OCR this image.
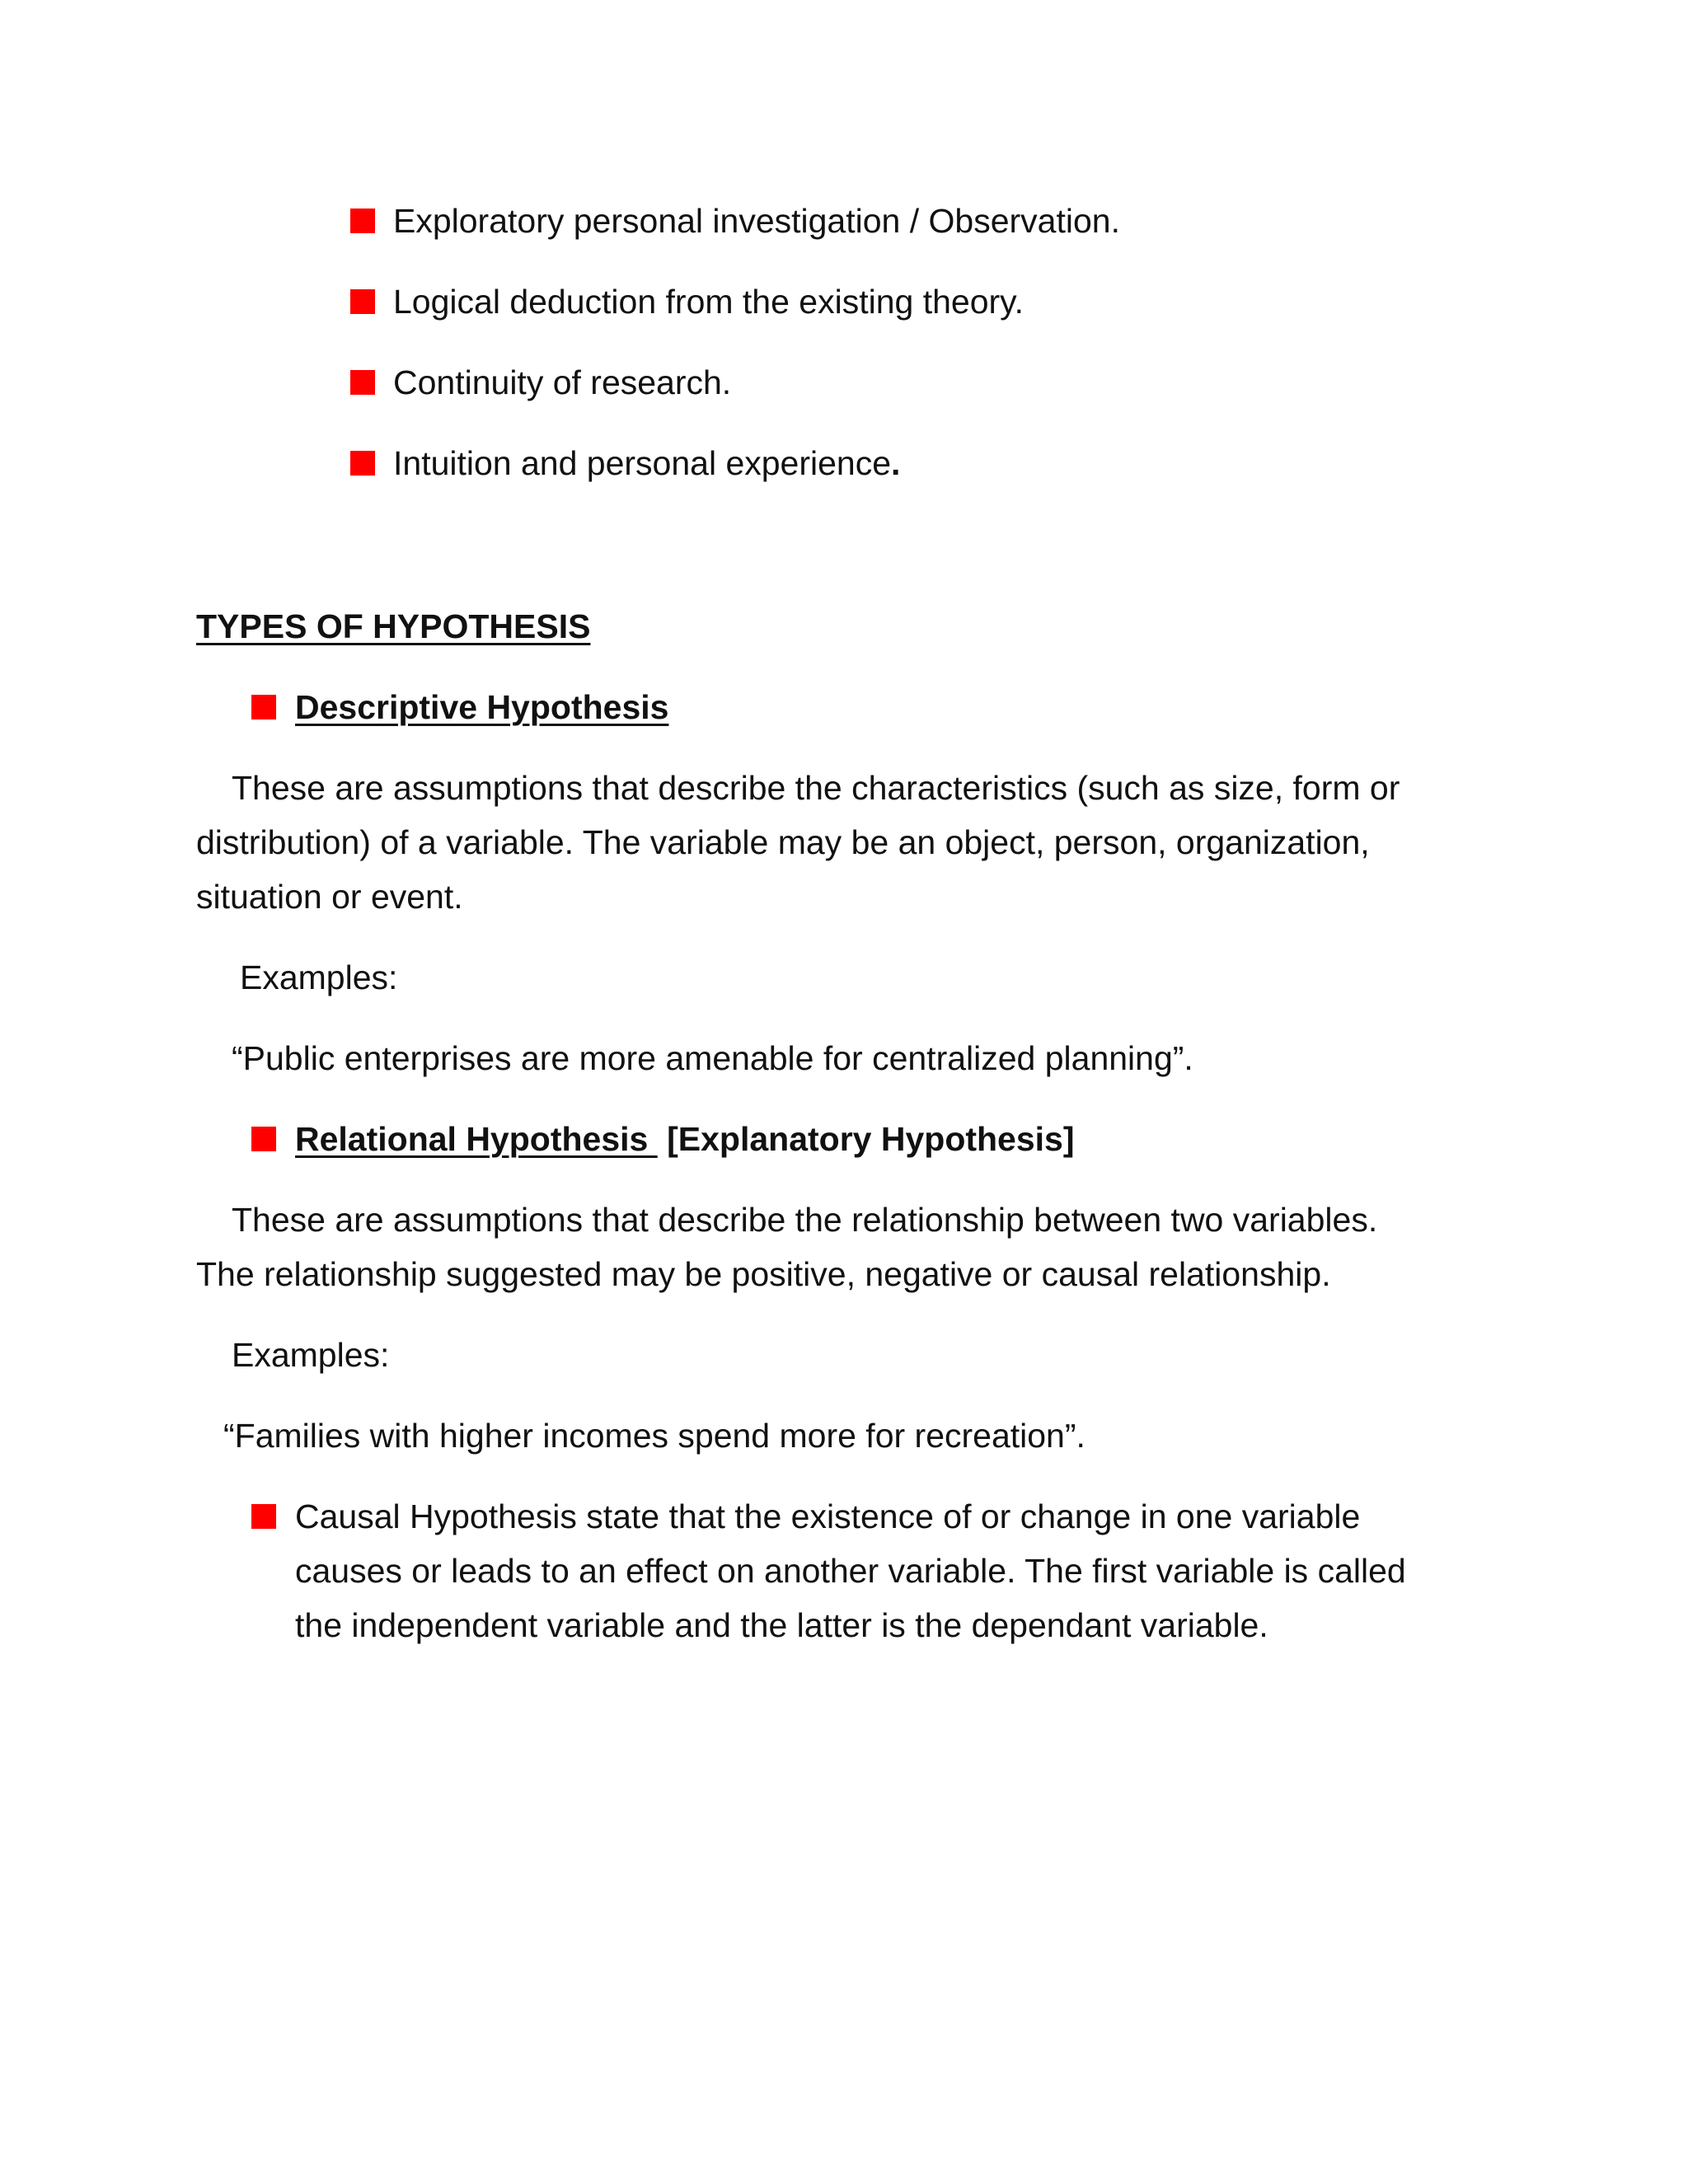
Exploratory personal investigation / Observation.
Logical deduction from the existing theory.
Continuity of research.
Intuition and personal experience.
TYPES OF HYPOTHESIS
Descriptive Hypothesis
These are assumptions that describe the characteristics (such as size, form or
distribution) of a variable. The variable may be an object, person, organization,
situation or event.
Examples:
“Public enterprises are more amenable for centralized planning”.
Relational Hypothesis  [Explanatory Hypothesis]
These are assumptions that describe the relationship between two variables.
The relationship suggested may be positive, negative or causal relationship.
Examples:
“Families with higher incomes spend more for recreation”.
Causal Hypothesis state that the existence of or change in one variable
causes or leads to an effect on another variable. The first variable is called
the independent variable and the latter is the dependant variable.
